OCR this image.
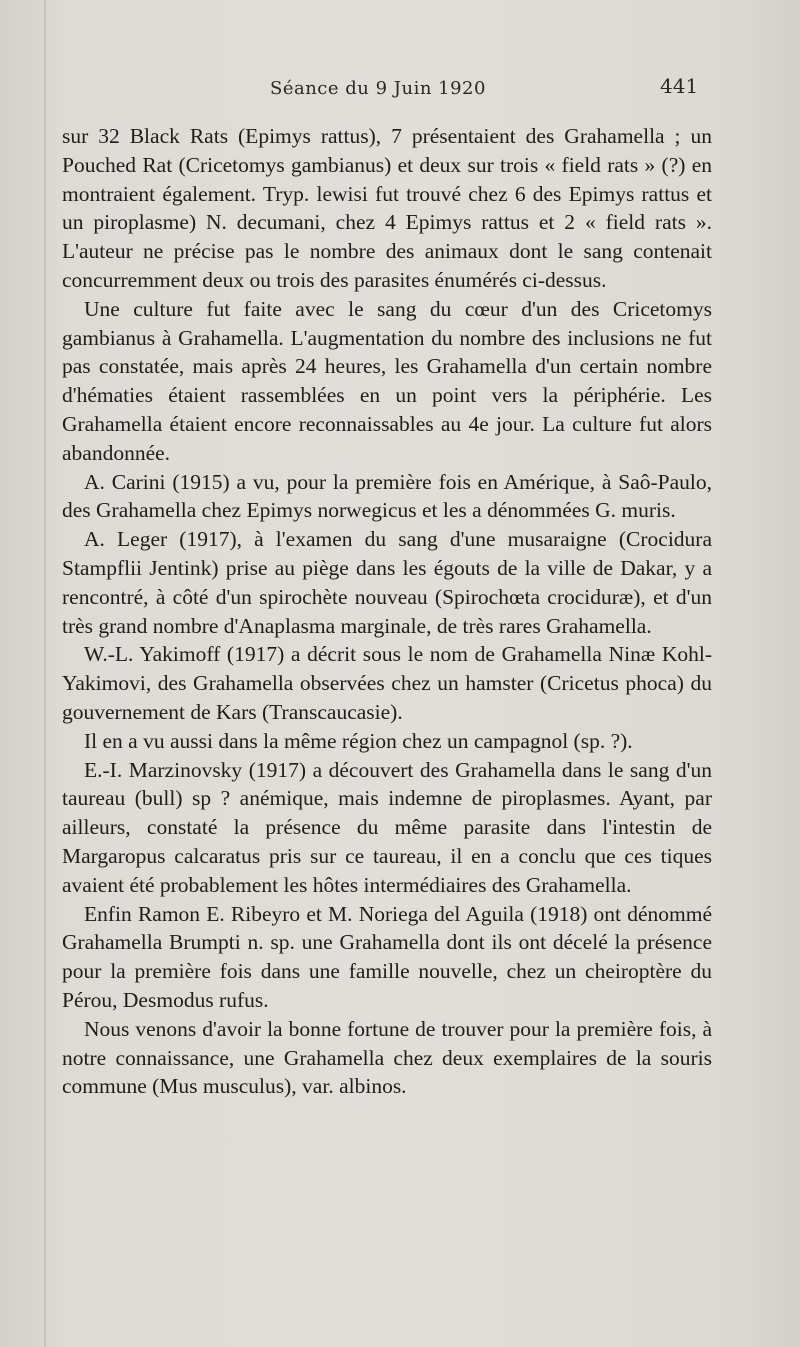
Séance du 9 Juin 1920	441

sur 32 Black Rats (Epimys rattus), 7 présentaient des Grahamella ; un Pouched Rat (Cricetomys gambianus) et deux sur trois « field rats » (?) en montraient également. Tryp. lewisi fut trouvé chez 6 des Epimys rattus et un piroplasme) N. decumani, chez 4 Epimys rattus et 2 « field rats ». L'auteur ne précise pas le nombre des animaux dont le sang contenait concurremment deux ou trois des parasites énumérés ci-dessus.

Une culture fut faite avec le sang du cœur d'un des Cricetomys gambianus à Grahamella. L'augmentation du nombre des inclusions ne fut pas constatée, mais après 24 heures, les Grahamella d'un certain nombre d'hématies étaient rassemblées en un point vers la périphérie. Les Grahamella étaient encore reconnaissables au 4e jour. La culture fut alors abandonnée.

A. Carini (1915) a vu, pour la première fois en Amérique, à Saô-Paulo, des Grahamella chez Epimys norwegicus et les a dénommées G. muris.

A. Leger (1917), à l'examen du sang d'une musaraigne (Crocidura Stampflii Jentink) prise au piège dans les égouts de la ville de Dakar, y a rencontré, à côté d'un spirochète nouveau (Spirochœta crociduræ), et d'un très grand nombre d'Anaplasma marginale, de très rares Grahamella.

W.-L. Yakimoff (1917) a décrit sous le nom de Grahamella Ninæ Kohl-Yakimovi, des Grahamella observées chez un hamster (Cricetus phoca) du gouvernement de Kars (Transcaucasie).

Il en a vu aussi dans la même région chez un campagnol (sp. ?).

E.-I. Marzinovsky (1917) a découvert des Grahamella dans le sang d'un taureau (bull) sp ? anémique, mais indemne de piroplasmes. Ayant, par ailleurs, constaté la présence du même parasite dans l'intestin de Margaropus calcaratus pris sur ce taureau, il en a conclu que ces tiques avaient été probablement les hôtes intermédiaires des Grahamella.

Enfin Ramon E. Ribeyro et M. Noriega del Aguila (1918) ont dénommé Grahamella Brumpti n. sp. une Grahamella dont ils ont décelé la présence pour la première fois dans une famille nouvelle, chez un cheiroptère du Pérou, Desmodus rufus.

Nous venons d'avoir la bonne fortune de trouver pour la première fois, à notre connaissance, une Grahamella chez deux exemplaires de la souris commune (Mus musculus), var. albinos.
